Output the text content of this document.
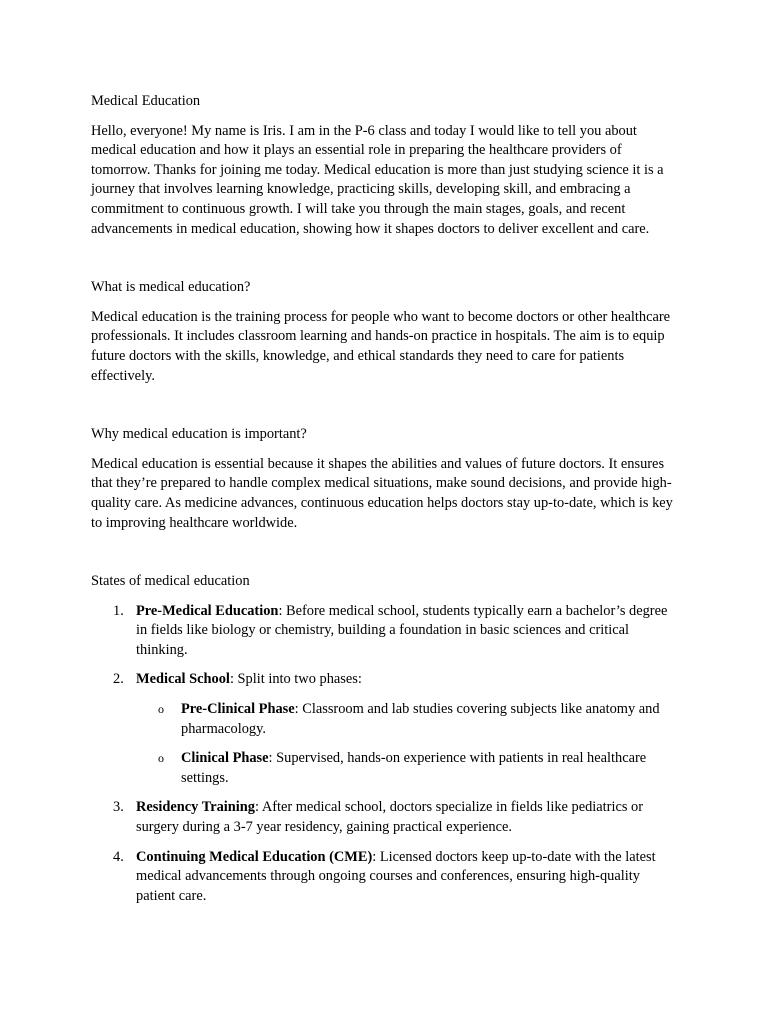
Medical Education

Hello, everyone! My name is Iris. I am in the P-6 class and today I would like to tell you about medical education and how it plays an essential role in preparing the healthcare providers of tomorrow. Thanks for joining me today. Medical education is more than just studying science it is a journey that involves learning knowledge, practicing skills, developing skill, and embracing a commitment to continuous growth. I will take you through the main stages, goals, and recent advancements in medical education, showing how it shapes doctors to deliver excellent and care.

What is medical education?

Medical education is the training process for people who want to become doctors or other healthcare professionals. It includes classroom learning and hands-on practice in hospitals. The aim is to equip future doctors with the skills, knowledge, and ethical standards they need to care for patients effectively.

Why medical education is important?

Medical education is essential because it shapes the abilities and values of future doctors. It ensures that they’re prepared to handle complex medical situations, make sound decisions, and provide high-quality care. As medicine advances, continuous education helps doctors stay up-to-date, which is key to improving healthcare worldwide.

States of medical education

1. Pre-Medical Education: Before medical school, students typically earn a bachelor’s degree in fields like biology or chemistry, building a foundation in basic sciences and critical thinking.
2. Medical School: Split into two phases:
o Pre-Clinical Phase: Classroom and lab studies covering subjects like anatomy and pharmacology.
o Clinical Phase: Supervised, hands-on experience with patients in real healthcare settings.
3. Residency Training: After medical school, doctors specialize in fields like pediatrics or surgery during a 3-7 year residency, gaining practical experience.
4. Continuing Medical Education (CME): Licensed doctors keep up-to-date with the latest medical advancements through ongoing courses and conferences, ensuring high-quality patient care.
